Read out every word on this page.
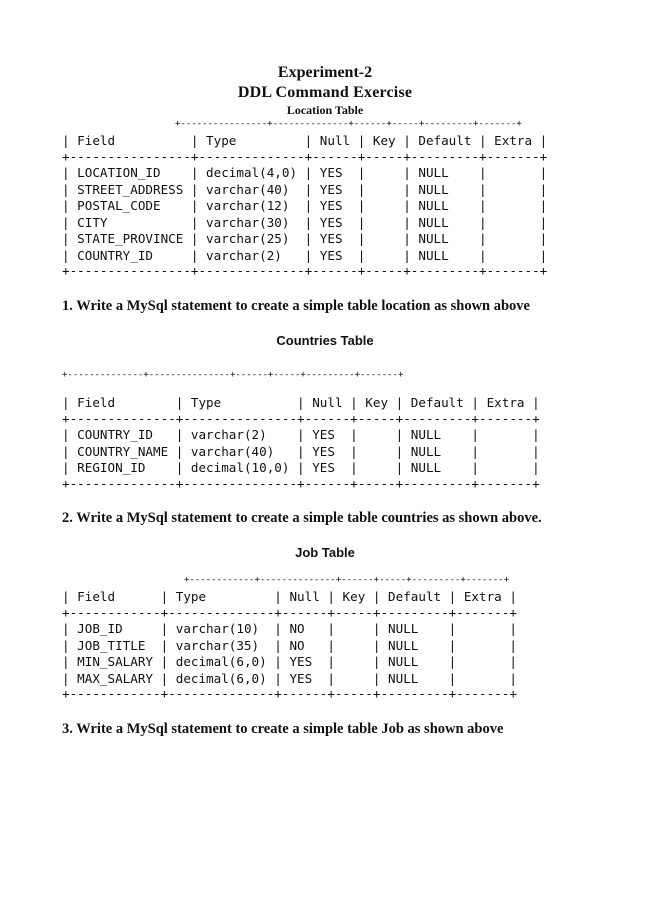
Experiment-2
DDL Command Exercise
Location Table
+----------------+--------------+------+-----+---------+-------+
| Field          | Type         | Null | Key | Default | Extra |
+----------------+--------------+------+-----+---------+-------+
| LOCATION_ID    | decimal(4,0) | YES  |     | NULL    |       |
| STREET_ADDRESS | varchar(40)  | YES  |     | NULL    |       |
| POSTAL_CODE    | varchar(12)  | YES  |     | NULL    |       |
| CITY           | varchar(30)  | YES  |     | NULL    |       |
| STATE_PROVINCE | varchar(25)  | YES  |     | NULL    |       |
| COUNTRY_ID     | varchar(2)   | YES  |     | NULL    |       |
+----------------+--------------+------+-----+---------+-------+
1. Write a MySql statement to create a simple table location as shown above
Countries Table
+--------------+---------------+------+-----+---------+-------+
| Field        | Type          | Null | Key | Default | Extra |
+--------------+---------------+------+-----+---------+-------+
| COUNTRY_ID   | varchar(2)    | YES  |     | NULL    |       |
| COUNTRY_NAME | varchar(40)   | YES  |     | NULL    |       |
| REGION_ID    | decimal(10,0) | YES  |     | NULL    |       |
+--------------+---------------+------+-----+---------+-------+
2. Write a MySql statement to create a simple table countries as shown above.
Job Table
+------------+--------------+------+-----+---------+-------+
| Field      | Type         | Null | Key | Default | Extra |
+------------+--------------+------+-----+---------+-------+
| JOB_ID     | varchar(10)  | NO   |     | NULL    |       |
| JOB_TITLE  | varchar(35)  | NO   |     | NULL    |       |
| MIN_SALARY | decimal(6,0) | YES  |     | NULL    |       |
| MAX_SALARY | decimal(6,0) | YES  |     | NULL    |       |
+------------+--------------+------+-----+---------+-------+
3. Write a MySql statement to create a simple table Job as shown above
